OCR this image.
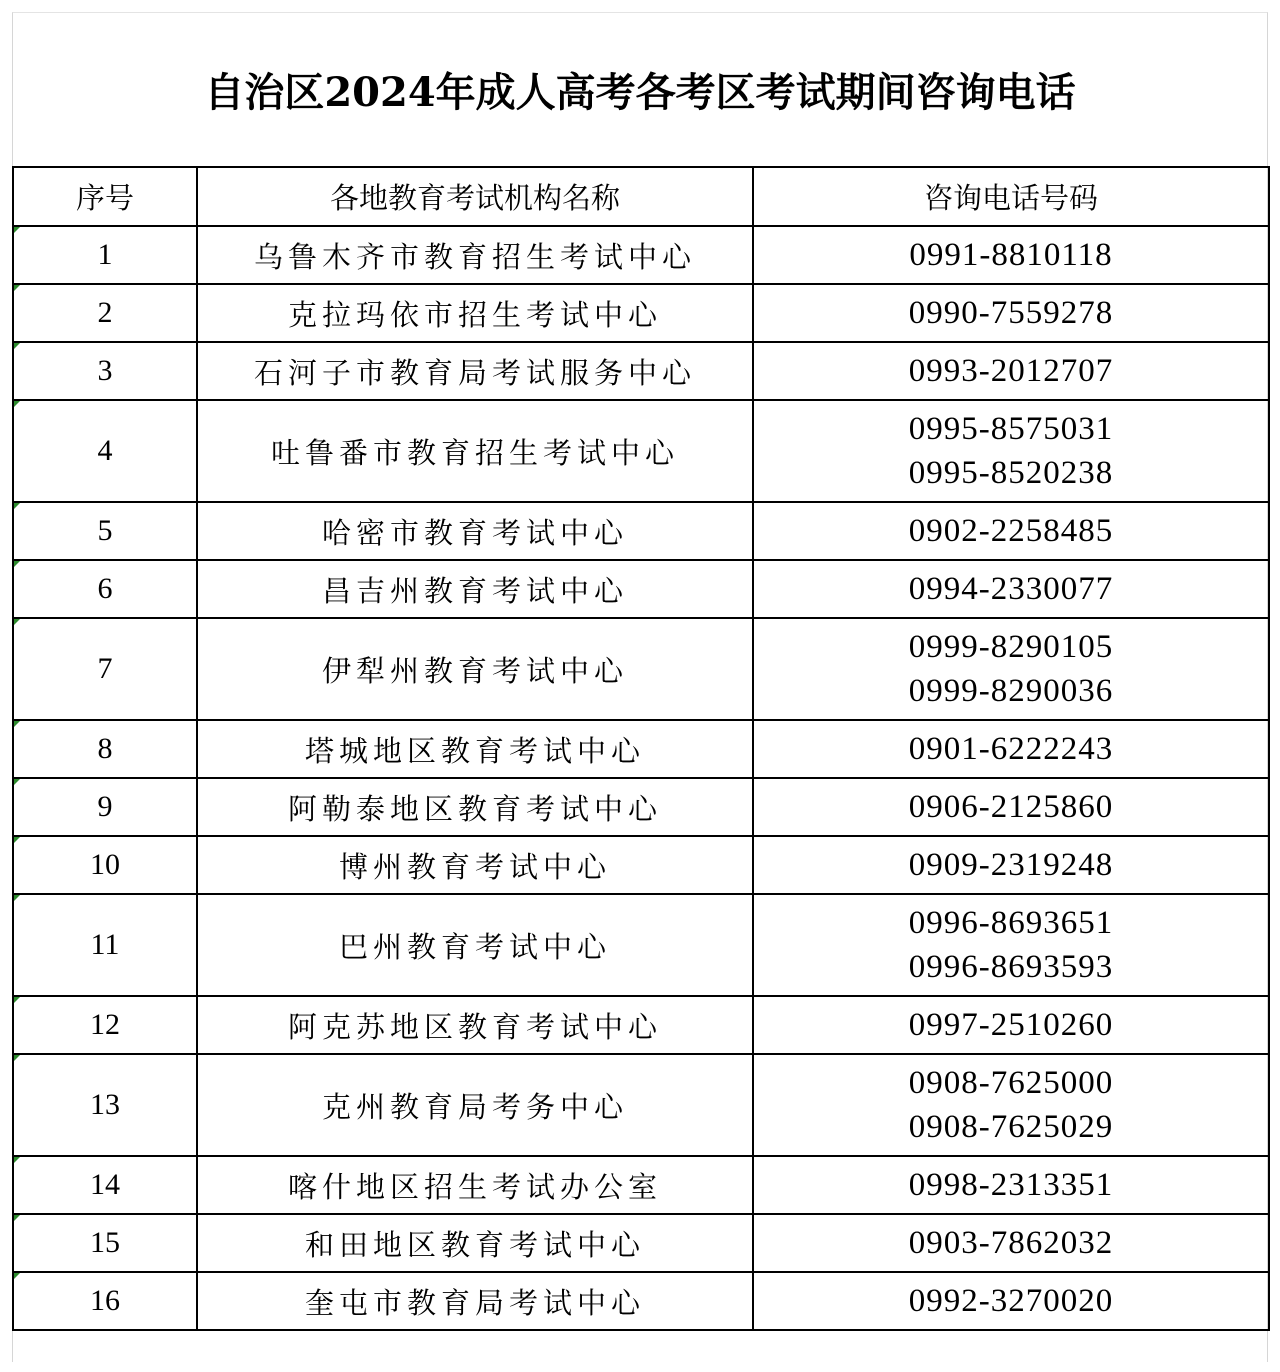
自治区2024年成人高考各考区考试期间咨询电话
序号	各地教育考试机构名称	咨询电话号码

1	乌鲁木齐市教育招生考试中心	0991-8810118

2	克拉玛依市招生考试中心	0990-7559278

3	石河子市教育局考试服务中心	0993-2012707

4	吐鲁番市教育招生考试中心	0995-8575031
0995-8520238

5	哈密市教育考试中心	0902-2258485

6	昌吉州教育考试中心	0994-2330077

7	伊犁州教育考试中心	0999-8290105
0999-8290036

8	塔城地区教育考试中心	0901-6222243

9	阿勒泰地区教育考试中心	0906-2125860

10	博州教育考试中心	0909-2319248

11	巴州教育考试中心	0996-8693651
0996-8693593

12	阿克苏地区教育考试中心	0997-2510260

13	克州教育局考务中心	0908-7625000
0908-7625029

14	喀什地区招生考试办公室	0998-2313351

15	和田地区教育考试中心	0903-7862032

16	奎屯市教育局考试中心	0992-3270020
